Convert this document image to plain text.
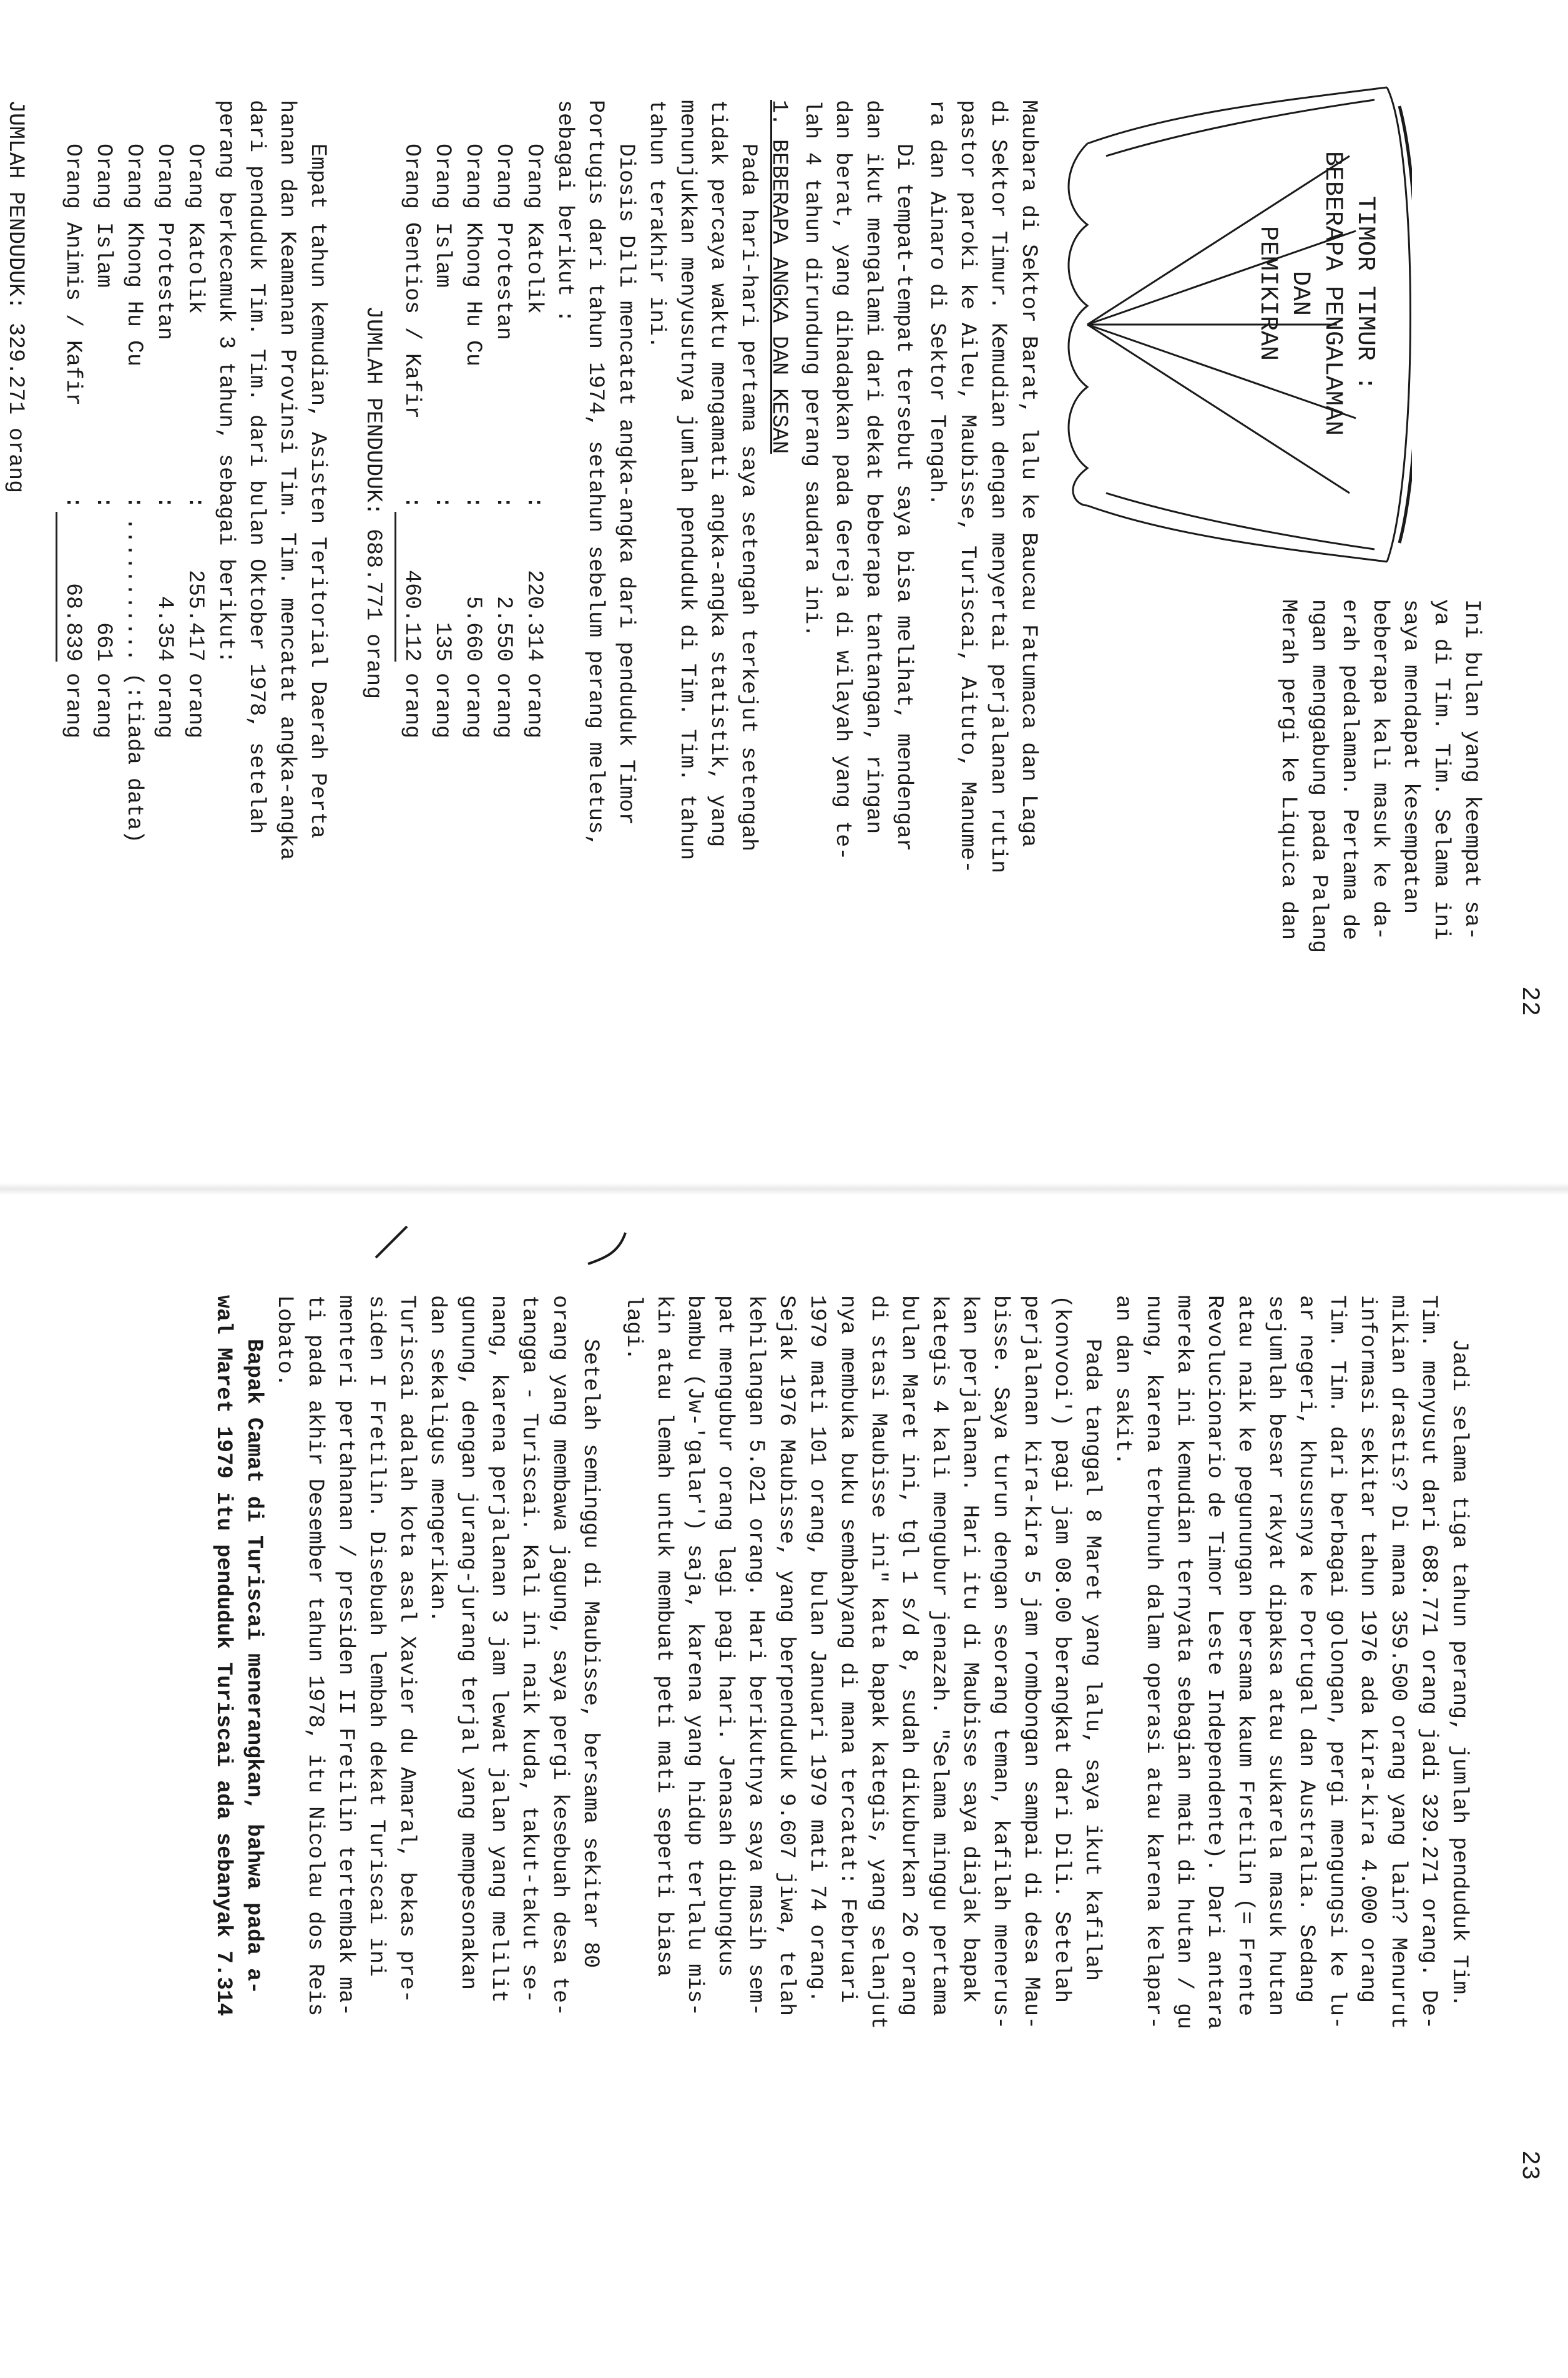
22
TIMOR TIMUR :
BEBERAPA PENGALAMAN
DAN
PEMIKIRAN

Ini bulan yang keempat sa-

ya di Tim. Tim. Selama ini

saya mendapat kesempatan

beberapa kali masuk ke da-

erah pedalaman. Pertama de

ngan menggabung pada Palang

Merah pergi ke Liquica dan

Maubara di Sektor Barat, lalu ke Baucau Fatumaca dan Laga

di Sektor Timur. Kemudian dengan menyertai perjalanan rutin

pastor paroki ke Aileu, Maubisse, Turiscai, Aituto, Manume-

ra dan Ainaro di Sektor Tengah.

Di tempat-tempat tersebut saya bisa melihat, mendengar

dan ikut mengalami dari dekat beberapa tantangan, ringan

dan berat, yang dihadapkan pada Gereja di wilayah yang te-

lah 4 tahun dirundung perang saudara ini.

1. BEBERAPA ANGKA DAN KESAN

Pada hari-hari pertama saya setengah terkejut setengah

tidak percaya waktu mengamati angka-angka statistik, yang

menunjukkan menyusutnya jumlah penduduk di Tim. Tim. tahun

tahun terakhir ini.

Diosis Dili mencatat angka-angka dari penduduk Timor

Portugis dari tahun 1974, setahun sebelum perang meletus,

sebagai berikut :

Orang Katolik
:
220.314
orang
Orang Protestan
:
2.550
orang
Orang Khong Hu Cu
:
5.660
orang
Orang Islam
:
135
orang
Orang Gentios / Kafir
:
460.112
orang
JUMLAH PENDUDUK: 688.771 orang

Empat tahun kemudian, Asisten Teritorial Daerah Perta

hanan dan Keamanan Provinsi Tim. Tim. mencatat angka-angka

dari penduduk Tim. Tim. dari bulan Oktober 1978, setelah

perang berkecamuk 3 tahun, sebagai berikut:

Orang Katolik
:
255.417
orang
Orang Protestan
:
4.354
orang
Orang Khong Hu Cu
:
...........
(:tiada data)
Orang Islam
:
661
orang
Orang Animis / Kafir
:
68.839
orang
JUMLAH PENDUDUK: 329.271 orang
23

Jadi selama tiga tahun perang, jumlah penduduk Tim.

Tim. menyusut dari 688.771 orang jadi 329.271 orang. De-

mikian drastis? Di mana 359.500 orang yang lain? Menurut

informasi sekitar tahun 1976 ada kira-kira 4.000 orang

Tim. Tim. dari berbagai golongan, pergi mengungsi ke lu-

ar negeri, khususnya ke Portugal dan Australia. Sedang

sejumlah besar rakyat dipaksa atau sukarela masuk hutan

atau naik ke pegunungan bersama kaum Fretilin (= Frente

Revolucionario de Timor Leste Independente). Dari antara

mereka ini kemudian ternyata sebagian mati di hutan / gu

nung, karena terbunuh dalam operasi atau karena kelapar-

an dan sakit.

Pada tanggal 8 Maret yang lalu, saya ikut kafilah

(konvooi') pagi jam 08.00 berangkat dari Dili. Setelah

perjalanan kira-kira 5 jam rombongan sampai di desa Mau-

bisse. Saya turun dengan seorang teman, kafilah menerus-

kan perjalanan. Hari itu di Maubisse saya diajak bapak

kategis 4 kali mengubur jenazah. "Selama minggu pertama

bulan Maret ini, tgl 1 s/d 8, sudah dikuburkan 26 orang

di stasi Maubisse ini" kata bapak kategis, yang selanjut

nya membuka buku sembahyang di mana tercatat: Februari

1979 mati 101 orang, bulan Januari 1979 mati 74 orang.

Sejak 1976 Maubisse, yang berpenduduk 9.607 jiwa, telah

kehilangan 5.021 orang. Hari berikutnya saya masih sem-

pat mengubur orang lagi pagi hari. Jenasah dibungkus

bambu (Jw-'galar') saja, karena yang hidup terlalu mis-

kin atau lemah untuk membuat peti mati seperti biasa

lagi.

Setelah seminggu di Maubisse, bersama sekitar 80

orang yang membawa jagung, saya pergi kesebuah desa te-

tangga - Turiscai. Kali ini naik kuda, takut-takut se-

nang, karena perjalanan 3 jam lewat jalan yang melilit

gunung, dengan jurang-jurang terjal yang mempesonakan

dan sekaligus mengerikan.

Turiscai adalah kota asal Xavier du Amaral, bekas pre-

siden I Fretilin. Disebuah lembah dekat Turiscai ini

menteri pertahanan / presiden II Fretilin tertembak ma-

ti pada akhir Desember tahun 1978, itu Nicolau dos Reis

Lobato.

Bapak Camat di Turiscai menerangkan, bahwa pada a-

wal Maret 1979 itu penduduk Turiscai ada sebanyak 7.314
